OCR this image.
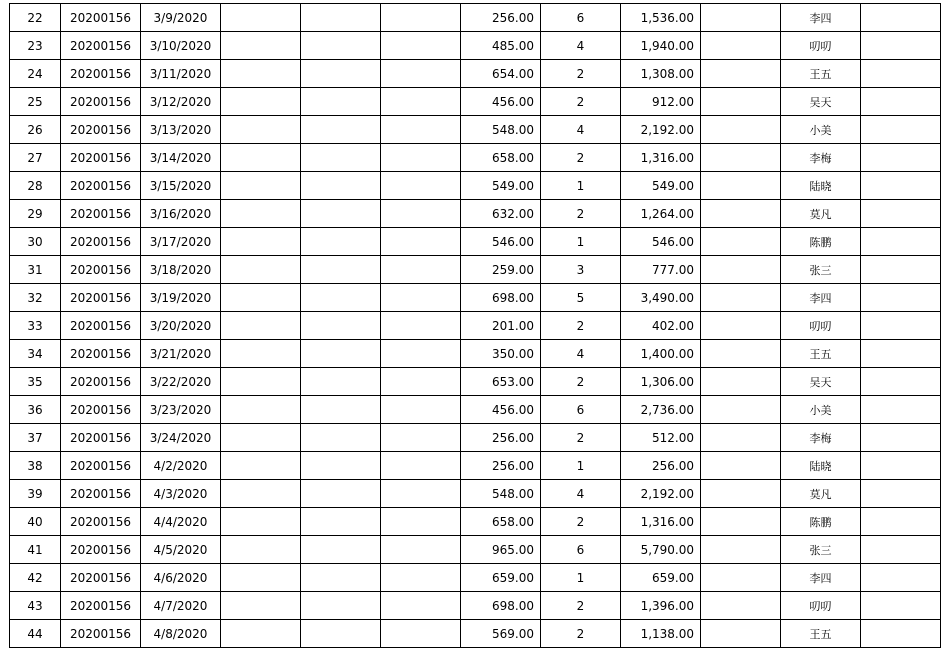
22	20200156	3/9/2020				256.00	6	1,536.00		李四	
23	20200156	3/10/2020				485.00	4	1,940.00		叨叨	
24	20200156	3/11/2020				654.00	2	1,308.00		王五	
25	20200156	3/12/2020				456.00	2	912.00		吴天	
26	20200156	3/13/2020				548.00	4	2,192.00		小美	
27	20200156	3/14/2020				658.00	2	1,316.00		李梅	
28	20200156	3/15/2020				549.00	1	549.00		陆晓	
29	20200156	3/16/2020				632.00	2	1,264.00		莫凡	
30	20200156	3/17/2020				546.00	1	546.00		陈鹏	
31	20200156	3/18/2020				259.00	3	777.00		张三	
32	20200156	3/19/2020				698.00	5	3,490.00		李四	
33	20200156	3/20/2020				201.00	2	402.00		叨叨	
34	20200156	3/21/2020				350.00	4	1,400.00		王五	
35	20200156	3/22/2020				653.00	2	1,306.00		吴天	
36	20200156	3/23/2020				456.00	6	2,736.00		小美	
37	20200156	3/24/2020				256.00	2	512.00		李梅	
38	20200156	4/2/2020				256.00	1	256.00		陆晓	
39	20200156	4/3/2020				548.00	4	2,192.00		莫凡	
40	20200156	4/4/2020				658.00	2	1,316.00		陈鹏	
41	20200156	4/5/2020				965.00	6	5,790.00		张三	
42	20200156	4/6/2020				659.00	1	659.00		李四	
43	20200156	4/7/2020				698.00	2	1,396.00		叨叨	
44	20200156	4/8/2020				569.00	2	1,138.00		王五	
